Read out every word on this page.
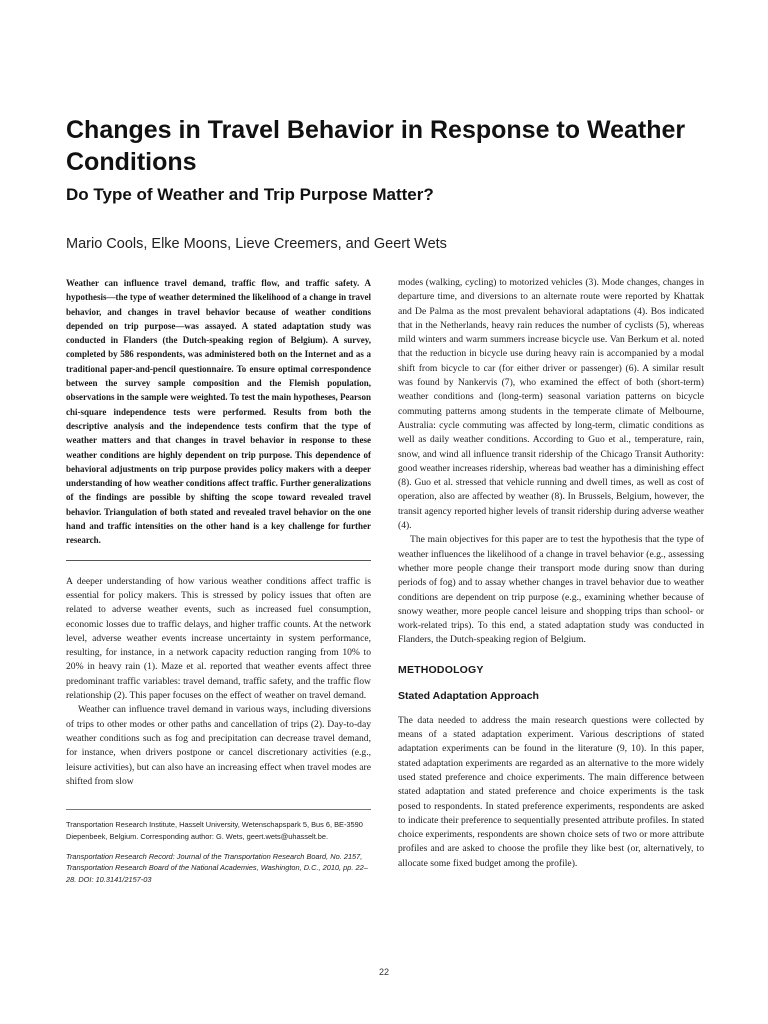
Changes in Travel Behavior in Response to Weather Conditions
Do Type of Weather and Trip Purpose Matter?
Mario Cools, Elke Moons, Lieve Creemers, and Geert Wets

Weather can influence travel demand, traffic flow, and traffic safety. A hypothesis—the type of weather determined the likelihood of a change in travel behavior, and changes in travel behavior because of weather conditions depended on trip purpose—was assayed. A stated adaptation study was conducted in Flanders (the Dutch-speaking region of Belgium). A survey, completed by 586 respondents, was administered both on the Internet and as a traditional paper-and-pencil questionnaire. To ensure optimal correspondence between the survey sample composition and the Flemish population, observations in the sample were weighted. To test the main hypotheses, Pearson chi-square independence tests were performed. Results from both the descriptive analysis and the independence tests confirm that the type of weather matters and that changes in travel behavior in response to these weather conditions are highly dependent on trip purpose. This dependence of behavioral adjustments on trip purpose provides policy makers with a deeper understanding of how weather conditions affect traffic. Further generalizations of the findings are possible by shifting the scope toward revealed travel behavior. Triangulation of both stated and revealed travel behavior on the one hand and traffic intensities on the other hand is a key challenge for further research.

A deeper understanding of how various weather conditions affect traffic is essential for policy makers. This is stressed by policy issues that often are related to adverse weather events, such as increased fuel consumption, economic losses due to traffic delays, and higher traffic counts. At the network level, adverse weather events increase uncertainty in system performance, resulting, for instance, in a network capacity reduction ranging from 10% to 20% in heavy rain (1). Maze et al. reported that weather events affect three predominant traffic variables: travel demand, traffic safety, and the traffic flow relationship (2). This paper focuses on the effect of weather on travel demand.

Weather can influence travel demand in various ways, including diversions of trips to other modes or other paths and cancellation of trips (2). Day-to-day weather conditions such as fog and precipitation can decrease travel demand, for instance, when drivers postpone or cancel discretionary activities (e.g., leisure activities), but can also have an increasing effect when travel modes are shifted from slow

Transportation Research Institute, Hasselt University, Wetenschapspark 5, Bus 6, BE-3590 Diepenbeek, Belgium. Corresponding author: G. Wets, geert.wets@uhasselt.be.

Transportation Research Record: Journal of the Transportation Research Board, No. 2157, Transportation Research Board of the National Academies, Washington, D.C., 2010, pp. 22–28. DOI: 10.3141/2157-03

modes (walking, cycling) to motorized vehicles (3). Mode changes, changes in departure time, and diversions to an alternate route were reported by Khattak and De Palma as the most prevalent behavioral adaptations (4). Bos indicated that in the Netherlands, heavy rain reduces the number of cyclists (5), whereas mild winters and warm summers increase bicycle use. Van Berkum et al. noted that the reduction in bicycle use during heavy rain is accompanied by a modal shift from bicycle to car (for either driver or passenger) (6). A similar result was found by Nankervis (7), who examined the effect of both (short-term) weather conditions and (long-term) seasonal variation patterns on bicycle commuting patterns among students in the temperate climate of Melbourne, Australia: cycle commuting was affected by long-term, climatic conditions as well as daily weather conditions. According to Guo et al., temperature, rain, snow, and wind all influence transit ridership of the Chicago Transit Authority: good weather increases ridership, whereas bad weather has a diminishing effect (8). Guo et al. stressed that vehicle running and dwell times, as well as cost of operation, also are affected by weather (8). In Brussels, Belgium, however, the transit agency reported higher levels of transit ridership during adverse weather (4).

The main objectives for this paper are to test the hypothesis that the type of weather influences the likelihood of a change in travel behavior (e.g., assessing whether more people change their transport mode during snow than during periods of fog) and to assay whether changes in travel behavior due to weather conditions are dependent on trip purpose (e.g., examining whether because of snowy weather, more people cancel leisure and shopping trips than school- or work-related trips). To this end, a stated adaptation study was conducted in Flanders, the Dutch-speaking region of Belgium.

METHODOLOGY
Stated Adaptation Approach

The data needed to address the main research questions were collected by means of a stated adaptation experiment. Various descriptions of stated adaptation experiments can be found in the literature (9, 10). In this paper, stated adaptation experiments are regarded as an alternative to the more widely used stated preference and choice experiments. The main difference between stated adaptation and stated preference and choice experiments is the task posed to respondents. In stated preference experiments, respondents are asked to indicate their preference to sequentially presented attribute profiles. In stated choice experiments, respondents are shown choice sets of two or more attribute profiles and are asked to choose the profile they like best (or, alternatively, to allocate some fixed budget among the profile).

22
